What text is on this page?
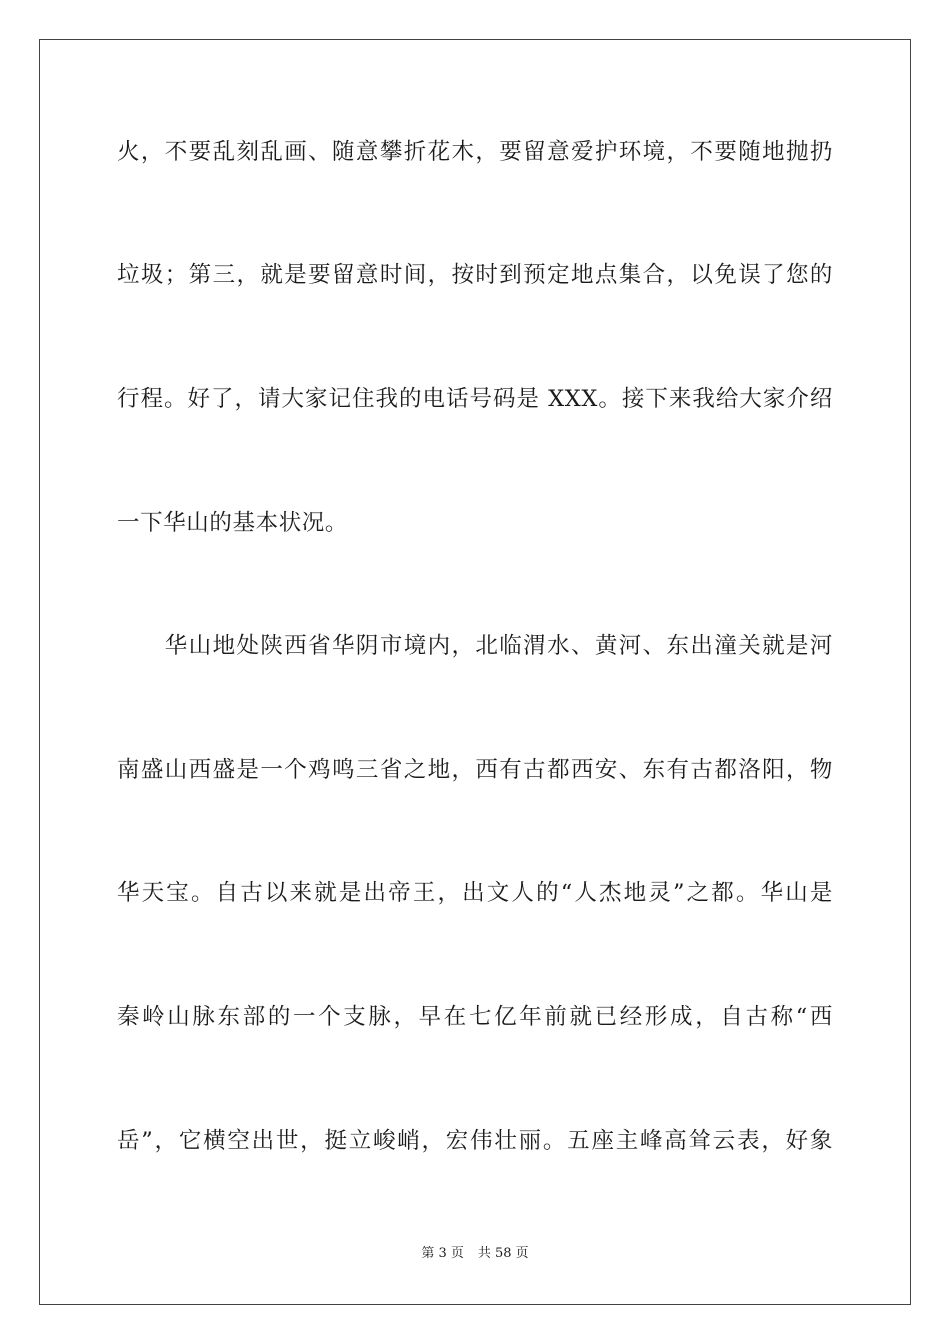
火，不要乱刻乱画、随意攀折花木，要留意爱护环境，不要随地抛扔
垃圾；第三，就是要留意时间，按时到预定地点集合，以免误了您的
行程。好了，请大家记住我的电话号码是 XXX。接下来我给大家介绍
一下华山的基本状况。
　　华山地处陕西省华阴市境内，北临渭水、黄河、东出潼关就是河
南盛山西盛是一个鸡鸣三省之地，西有古都西安、东有古都洛阳，物
华天宝。自古以来就是出帝王，出文人的“人杰地灵”之都。华山是
秦岭山脉东部的一个支脉，早在七亿年前就已经形成，自古称“西
岳”，它横空出世，挺立峻峭，宏伟壮丽。五座主峰高耸云表，好象
第 3 页 共 58 页
